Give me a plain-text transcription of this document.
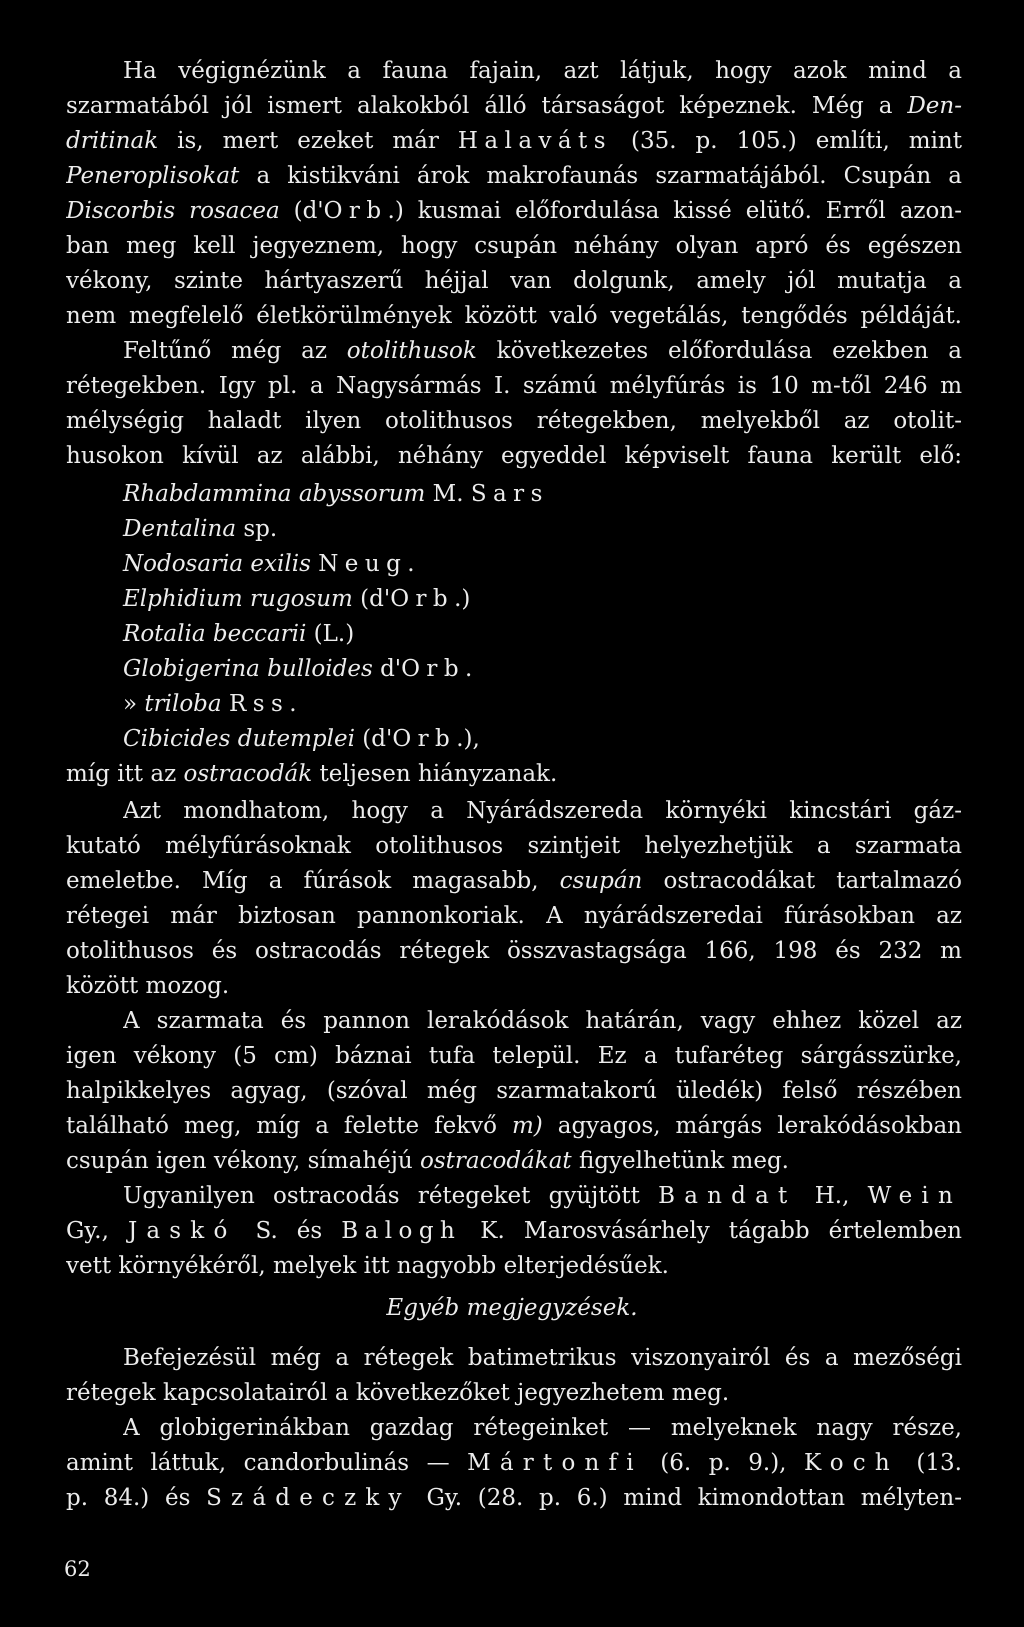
Ha végignézünk a fauna fajain, azt látjuk, hogy azok mind a
szarmatából jól ismert alakokból álló társaságot képeznek. Még a Den-
dritinak is, mert ezeket már Halaváts (35. p. 105.) említi, mint
Peneroplisokat a kistikváni árok makrofaunás szarmatájából. Csupán a
Discorbis rosacea (d'Orb.) kusmai előfordulása kissé elütő. Erről azon-
ban meg kell jegyeznem, hogy csupán néhány olyan apró és egészen
vékony, szinte hártyaszerű héjjal van dolgunk, amely jól mutatja a
nem megfelelő életkörülmények között való vegetálás, tengődés példáját.
Feltűnő még az otolithusok következetes előfordulása ezekben a
rétegekben. Igy pl. a Nagysármás I. számú mélyfúrás is 10 m-től 246 m
mélységig haladt ilyen otolithusos rétegekben, melyekből az otolit-
husokon kívül az alábbi, néhány egyeddel képviselt fauna került elő:
Rhabdammina abyssorum M. Sars
Dentalina sp.
Nodosaria exilis Neug.
Elphidium rugosum (d'Orb.)
Rotalia beccarii (L.)
Globigerina bulloides d'Orb.
» triloba Rss.
Cibicides dutemplei (d'Orb.),
míg itt az ostracodák teljesen hiányzanak.
Azt mondhatom, hogy a Nyárádszereda környéki kincstári gáz-
kutató mélyfúrásoknak otolithusos szintjeit helyezhetjük a szarmata
emeletbe. Míg a fúrások magasabb, csupán ostracodákat tartalmazó
rétegei már biztosan pannonkoriak. A nyárádszeredai fúrásokban az
otolithusos és ostracodás rétegek összvastagsága 166, 198 és 232 m
között mozog.
A szarmata és pannon lerakódások határán, vagy ehhez közel az
igen vékony (5 cm) báznai tufa települ. Ez a tufaréteg sárgásszürke,
halpikkelyes agyag, (szóval még szarmatakorú üledék) felső részében
található meg, míg a felette fekvő m) agyagos, márgás lerakódásokban
csupán igen vékony, símahéjú ostracodákat figyelhetünk meg.
Ugyanilyen ostracodás rétegeket gyüjtött Bandat H., Wein
Gy., Jaskó S. és Balogh K. Marosvásárhely tágabb értelemben
vett környékéről, melyek itt nagyobb elterjedésűek.
Egyéb megjegyzések.
Befejezésül még a rétegek batimetrikus viszonyairól és a mezőségi
rétegek kapcsolatairól a következőket jegyezhetem meg.
A globigerinákban gazdag rétegeinket — melyeknek nagy része,
amint láttuk, candorbulinás — Mártonfi (6. p. 9.), Koch (13.
p. 84.) és Szádeczky Gy. (28. p. 6.) mind kimondottan mélyten-
62
